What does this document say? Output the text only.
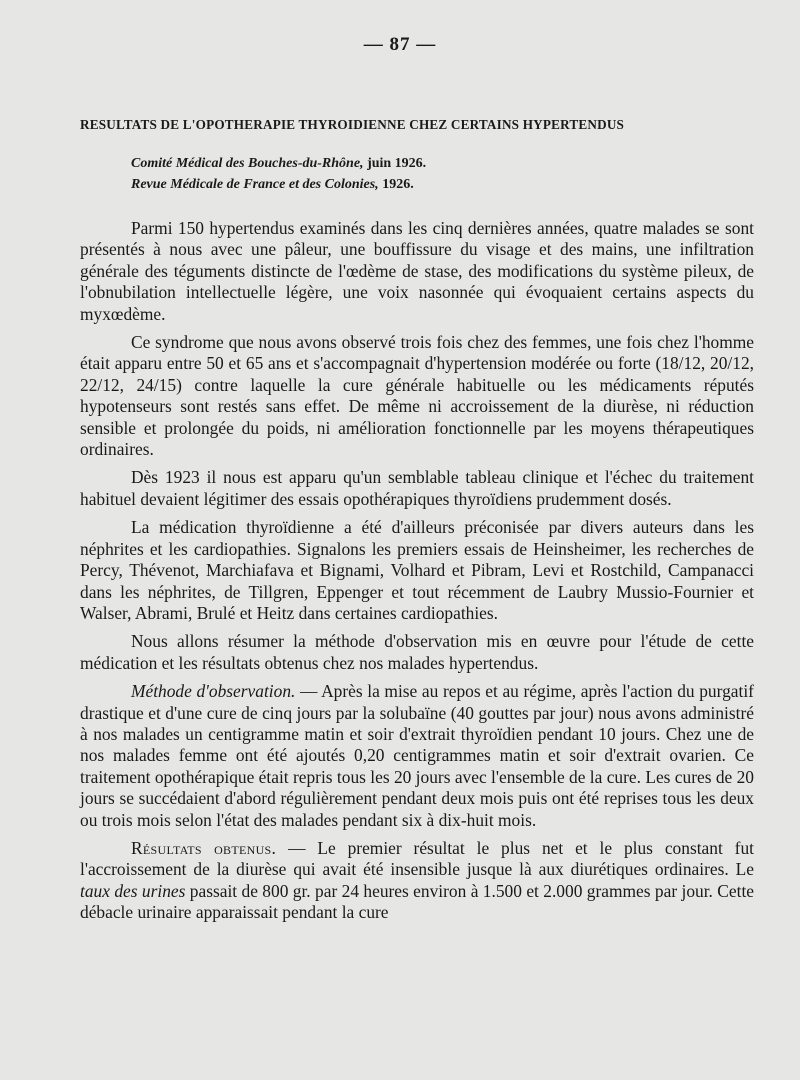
— 87 —
RESULTATS DE L'OPOTHERAPIE THYROIDIENNE CHEZ CERTAINS HYPERTENDUS
Comité Médical des Bouches-du-Rhône, juin 1926.
Revue Médicale de France et des Colonies, 1926.

Parmi 150 hypertendus examinés dans les cinq dernières années, quatre malades se sont présentés à nous avec une pâleur, une bouffissure du visage et des mains, une infiltration générale des téguments distincte de l'œdème de stase, des modifications du système pileux, de l'obnubilation intellectuelle légère, une voix nasonnée qui évoquaient certains aspects du myxœdème.

Ce syndrome que nous avons observé trois fois chez des femmes, une fois chez l'homme était apparu entre 50 et 65 ans et s'accompagnait d'hypertension modérée ou forte (18/12, 20/12, 22/12, 24/15) contre laquelle la cure générale habituelle ou les médicaments réputés hypotenseurs sont restés sans effet. De même ni accroissement de la diurèse, ni réduction sensible et prolongée du poids, ni amélioration fonctionnelle par les moyens thérapeutiques ordinaires.

Dès 1923 il nous est apparu qu'un semblable tableau clinique et l'échec du traitement habituel devaient légitimer des essais opothérapiques thyroïdiens prudemment dosés.

La médication thyroïdienne a été d'ailleurs préconisée par divers auteurs dans les néphrites et les cardiopathies. Signalons les premiers essais de Heinsheimer, les recherches de Percy, Thévenot, Marchiafava et Bignami, Volhard et Pibram, Levi et Rostchild, Campanacci dans les néphrites, de Tillgren, Eppenger et tout récemment de Laubry Mussio-Fournier et Walser, Abrami, Brulé et Heitz dans certaines cardiopathies.

Nous allons résumer la méthode d'observation mis en œuvre pour l'étude de cette médication et les résultats obtenus chez nos malades hypertendus.

Méthode d'observation. — Après la mise au repos et au régime, après l'action du purgatif drastique et d'une cure de cinq jours par la solubaïne (40 gouttes par jour) nous avons administré à nos malades un centigramme matin et soir d'extrait thyroïdien pendant 10 jours. Chez une de nos malades femme ont été ajoutés 0,20 centigrammes matin et soir d'extrait ovarien. Ce traitement opothérapique était repris tous les 20 jours avec l'ensemble de la cure. Les cures de 20 jours se succédaient d'abord régulièrement pendant deux mois puis ont été reprises tous les deux ou trois mois selon l'état des malades pendant six à dix-huit mois.

Résultats obtenus. — Le premier résultat le plus net et le plus constant fut l'accroissement de la diurèse qui avait été insensible jusque là aux diurétiques ordinaires. Le taux des urines passait de 800 gr. par 24 heures environ à 1.500 et 2.000 grammes par jour. Cette débacle urinaire apparaissait pendant la cure
